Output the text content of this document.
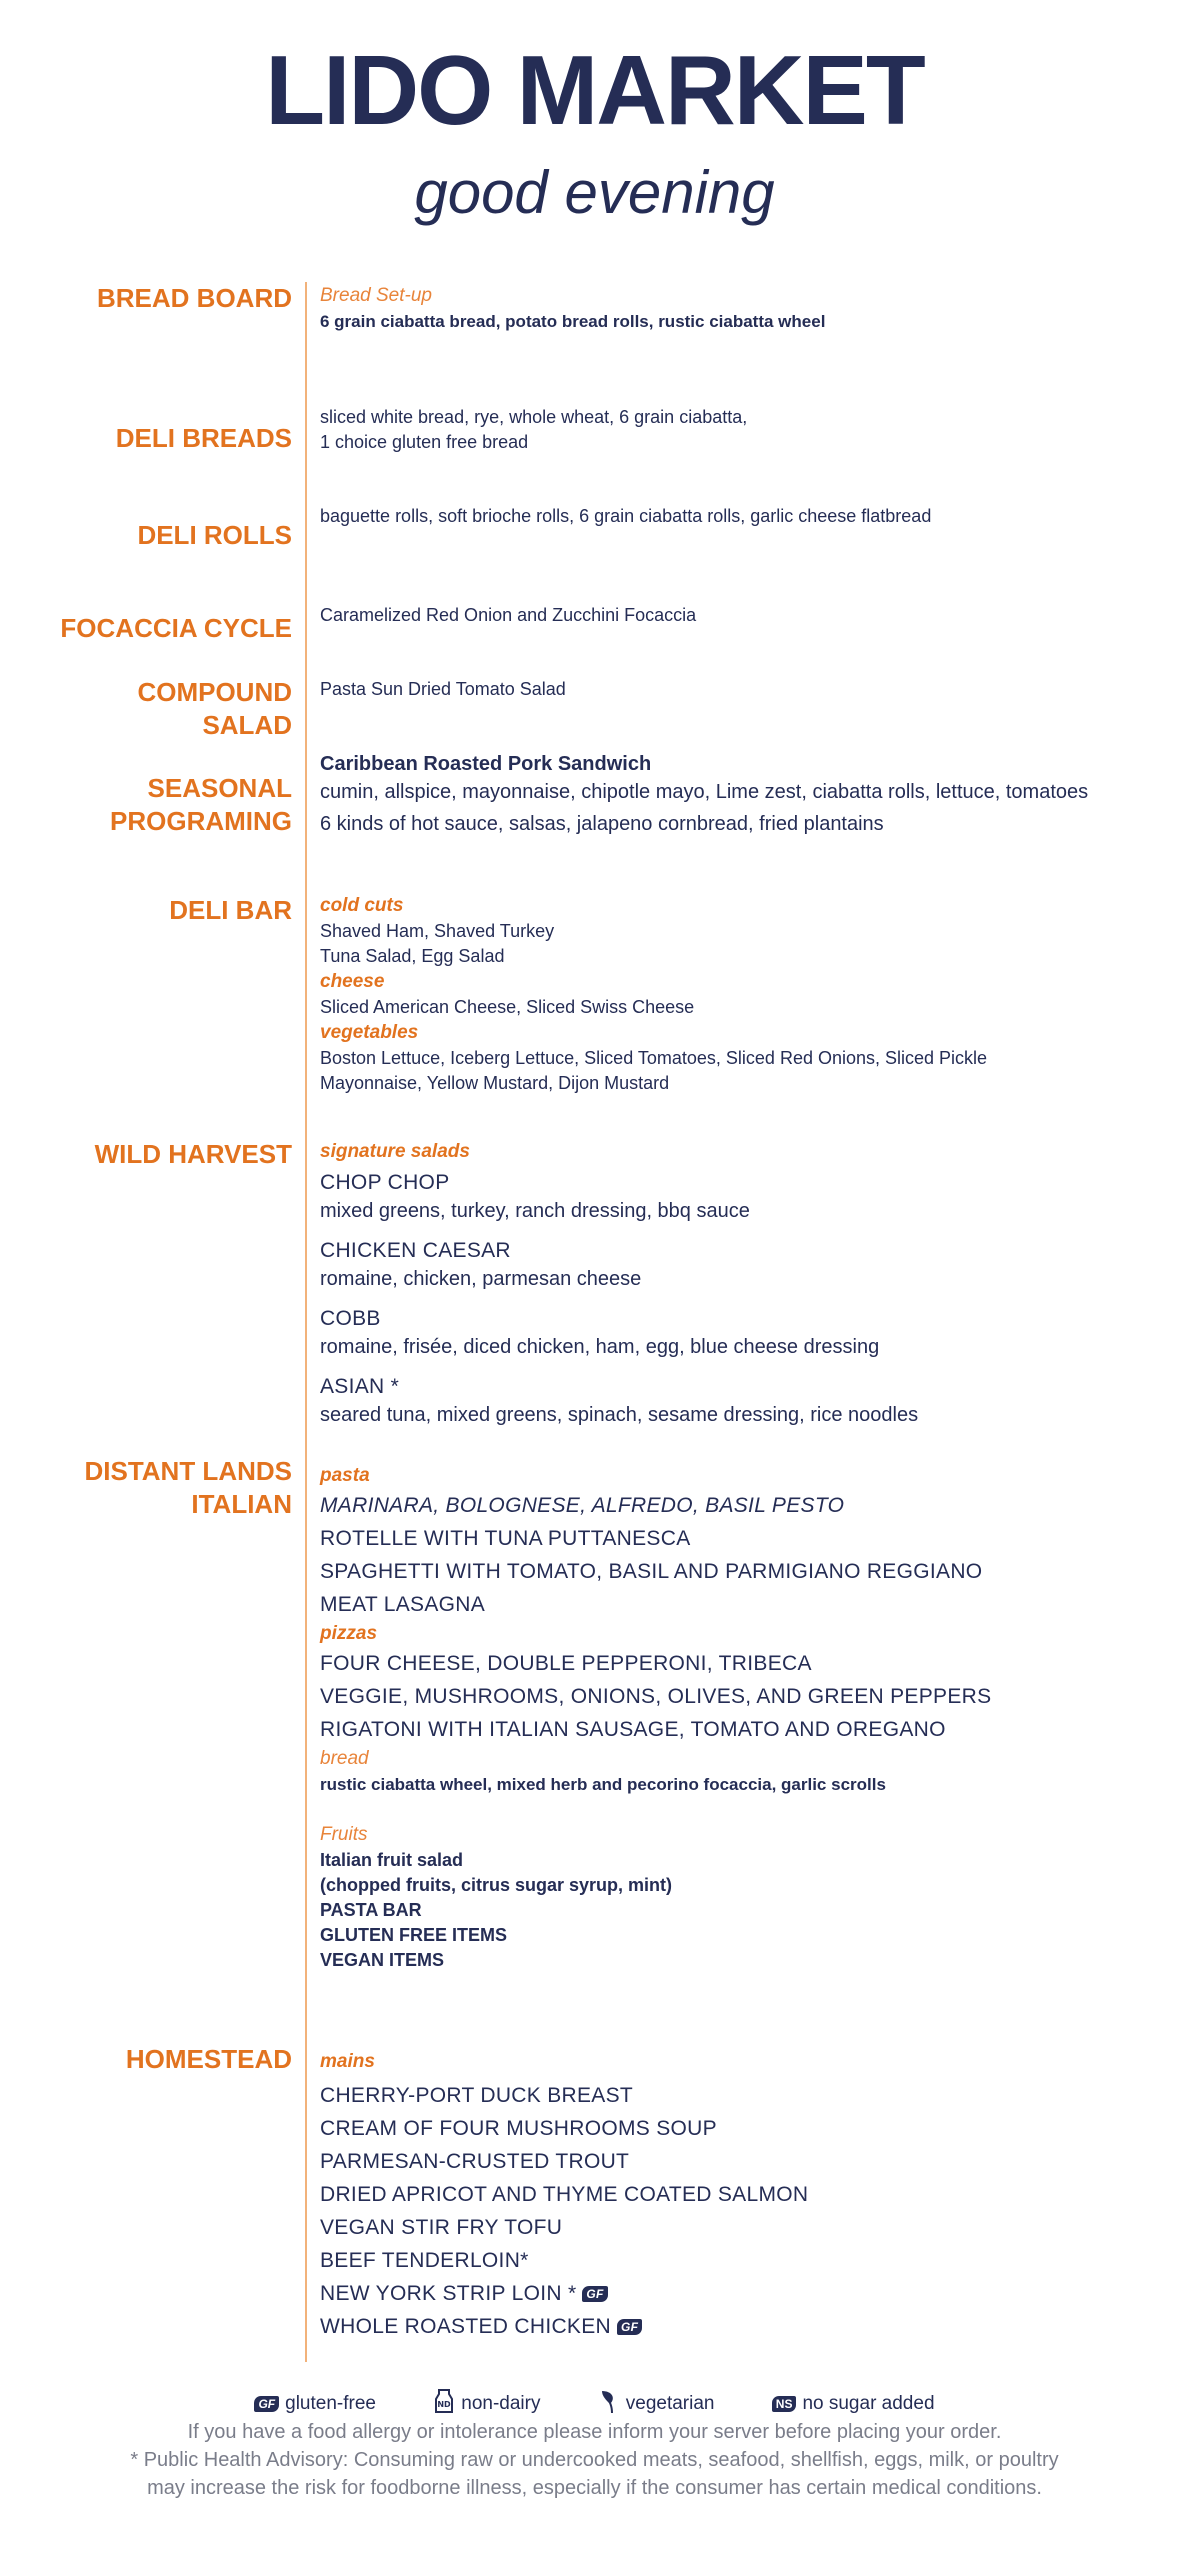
LIDO MARKET
good evening
BREAD BOARD Bread Set-up
6 grain ciabatta bread, potato bread rolls, rustic ciabatta wheel
DELI BREADS
sliced white bread, rye, whole wheat, 6 grain ciabatta,
1 choice gluten free bread
DELI ROLLS
baguette rolls, soft brioche rolls, 6 grain ciabatta rolls, garlic cheese flatbread
FOCACCIA CYCLE Caramelized Red Onion and Zucchini Focaccia
COMPOUND
SALAD
Pasta Sun Dried Tomato Salad
SEASONAL
PROGRAMING
Caribbean Roasted Pork Sandwich
cumin, allspice, mayonnaise, chipotle mayo, Lime zest, ciabatta rolls, lettuce, tomatoes
6 kinds of hot sauce, salsas, jalapeno cornbread, fried plantains
DELI BAR cold cuts
Shaved Ham, Shaved Turkey
Tuna Salad, Egg Salad
cheese
Sliced American Cheese, Sliced Swiss Cheese
vegetables
Boston Lettuce, Iceberg Lettuce, Sliced Tomatoes, Sliced Red Onions, Sliced Pickle
Mayonnaise, Yellow Mustard, Dijon Mustard
WILD HARVEST signature salads
CHOP CHOP
mixed greens, turkey, ranch dressing, bbq sauce
CHICKEN CAESAR
romaine, chicken, parmesan cheese
COBB
romaine, frisée, diced chicken, ham, egg, blue cheese dressing
ASIAN *
seared tuna, mixed greens, spinach, sesame dressing, rice noodles
DISTANT LANDS
ITALIAN
pasta
MARINARA, BOLOGNESE, ALFREDO, BASIL PESTO
ROTELLE WITH TUNA PUTTANESCA
SPAGHETTI WITH TOMATO, BASIL AND PARMIGIANO REGGIANO
MEAT LASAGNA
pizzas
FOUR CHEESE, DOUBLE PEPPERONI, TRIBECA
VEGGIE, MUSHROOMS, ONIONS, OLIVES, AND GREEN PEPPERS
RIGATONI WITH ITALIAN SAUSAGE, TOMATO AND OREGANO
bread
rustic ciabatta wheel, mixed herb and pecorino focaccia, garlic scrolls
Fruits
Italian fruit salad
(chopped fruits, citrus sugar syrup, mint)
PASTA BAR
GLUTEN FREE ITEMS
VEGAN ITEMS
HOMESTEAD mains
CHERRY-PORT DUCK BREAST
CREAM OF FOUR MUSHROOMS SOUP
PARMESAN-CRUSTED TROUT
DRIED APRICOT AND THYME COATED SALMON
VEGAN STIR FRY TOFU
BEEF TENDERLOIN*
NEW YORK STRIP LOIN * GF
WHOLE ROASTED CHICKEN GF
GF gluten-free	ND non-dairy	vegetarian	NS no sugar added
If you have a food allergy or intolerance please inform your server before placing your order.
* Public Health Advisory: Consuming raw or undercooked meats, seafood, shellfish, eggs, milk, or poultry
may increase the risk for foodborne illness, especially if the consumer has certain medical conditions.
